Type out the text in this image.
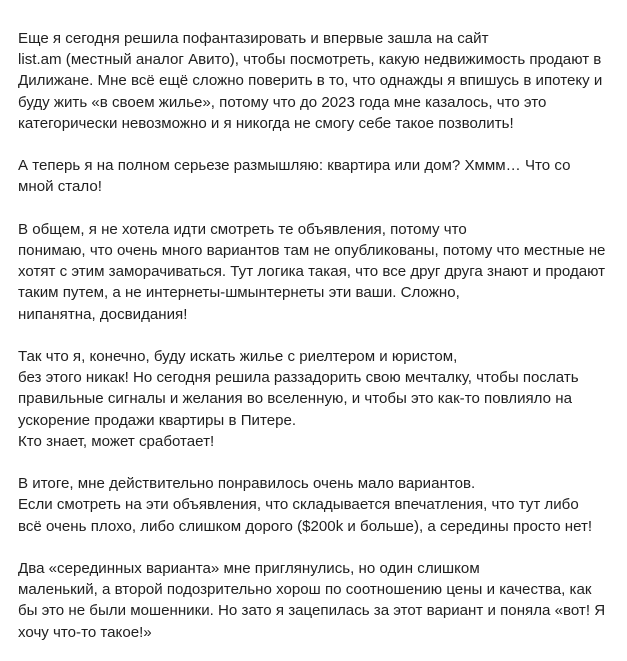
Еще я сегодня решила пофантазировать и впервые зашла на сайт
list.am (местный аналог Авито), чтобы посмотреть, какую недвижимость продают в
Дилижане. Мне всё ещё сложно поверить в то, что однажды я впишусь в ипотеку и
буду жить «в своем жилье», потому что до 2023 года мне казалось, что это
категорически невозможно и я никогда не смогу себе такое позволить!

А теперь я на полном серьезе размышляю: квартира или дом? Хммм… Что со
мной стало!

В общем, я не хотела идти смотреть те объявления, потому что
понимаю, что очень много вариантов там не опубликованы, потому что местные не
хотят с этим заморачиваться. Тут логика такая, что все друг друга знают и продают
таким путем, а не интернеты-шмынтернеты эти ваши. Сложно,
нипанятна, досвидания!

Так что я, конечно, буду искать жилье с риелтером и юристом,
без этого никак! Но сегодня решила раззадорить свою мечталку, чтобы послать
правильные сигналы и желания во вселенную, и чтобы это как-то повлияло на
ускорение продажи квартиры в Питере.
Кто знает, может сработает!

В итоге, мне действительно понравилось очень мало вариантов.
Если смотреть на эти объявления, что складывается впечатления, что тут либо
всё очень плохо, либо слишком дорого ($200k и больше), а середины просто нет!

Два «серединных варианта» мне приглянулись, но один слишком
маленький, а второй подозрительно хорош по соотношению цены и качества, как
бы это не были мошенники. Но зато я зацепилась за этот вариант и поняла «вот! Я
хочу что-то такое!»
